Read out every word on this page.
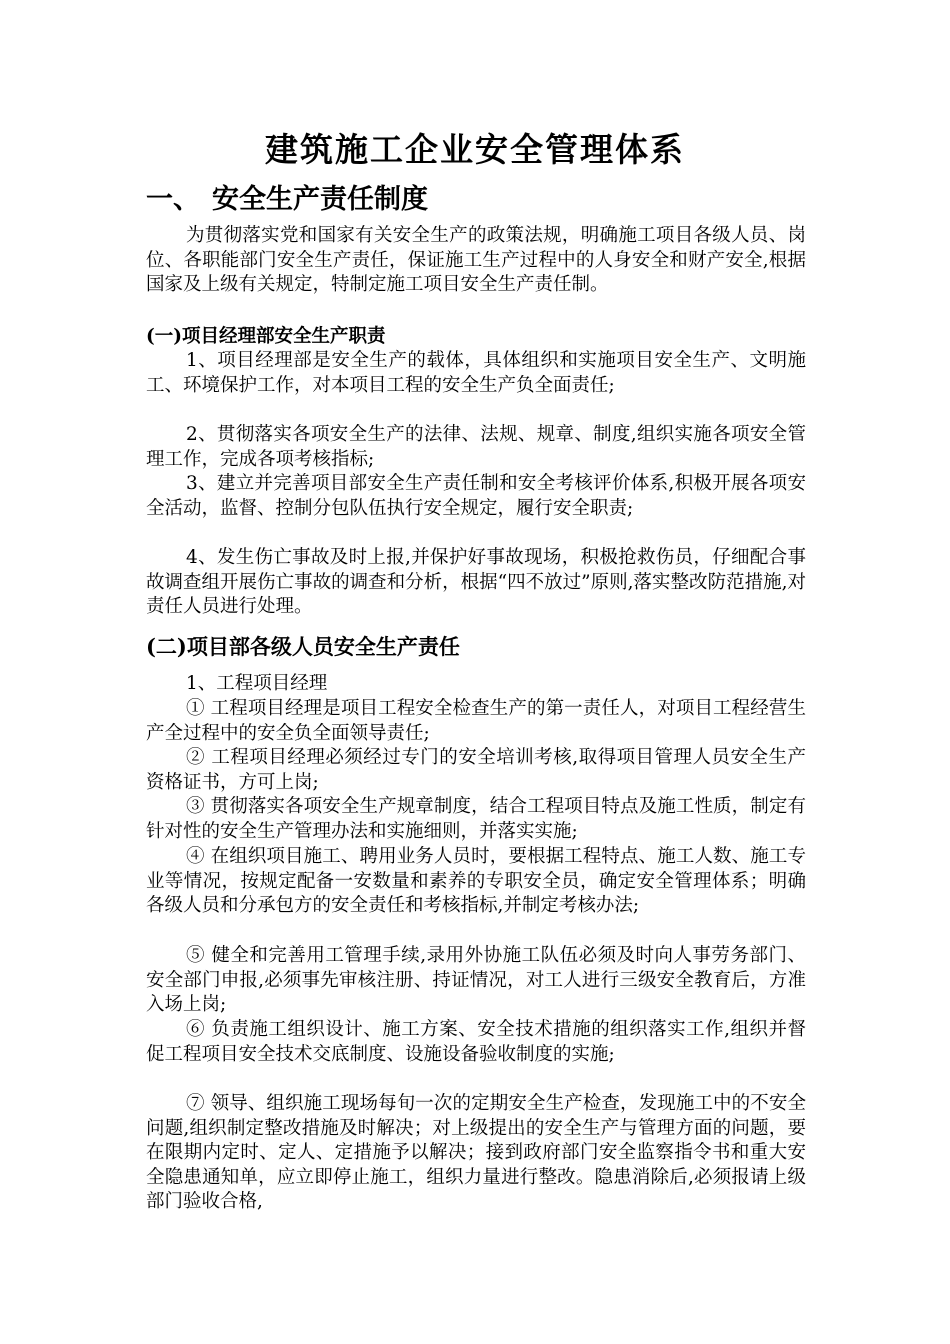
建筑施工企业安全管理体系
一、 安全生产责任制度

为贯彻落实党和国家有关安全生产的政策法规，明确施工项目各级人员、岗位、各职能部门安全生产责任，保证施工生产过程中的人身安全和财产安全,根据国家及上级有关规定，特制定施工项目安全生产责任制。

(一)项目经理部安全生产职责

1、项目经理部是安全生产的载体，具体组织和实施项目安全生产、文明施工、环境保护工作，对本项目工程的安全生产负全面责任;

2、贯彻落实各项安全生产的法律、法规、规章、制度,组织实施各项安全管理工作，完成各项考核指标;

3、建立并完善项目部安全生产责任制和安全考核评价体系,积极开展各项安全活动，监督、控制分包队伍执行安全规定，履行安全职责;

4、发生伤亡事故及时上报,并保护好事故现场，积极抢救伤员，仔细配合事故调查组开展伤亡事故的调查和分析，根据“四不放过”原则,落实整改防范措施,对责任人员进行处理。

(二)项目部各级人员安全生产责任

1、工程项目经理

① 工程项目经理是项目工程安全检查生产的第一责任人，对项目工程经营生产全过程中的安全负全面领导责任;

② 工程项目经理必须经过专门的安全培训考核,取得项目管理人员安全生产资格证书，方可上岗;

③ 贯彻落实各项安全生产规章制度，结合工程项目特点及施工性质，制定有针对性的安全生产管理办法和实施细则，并落实实施;

④ 在组织项目施工、聘用业务人员时，要根据工程特点、施工人数、施工专业等情况，按规定配备一安数量和素养的专职安全员，确定安全管理体系；明确各级人员和分承包方的安全责任和考核指标,并制定考核办法;

⑤ 健全和完善用工管理手续,录用外协施工队伍必须及时向人事劳务部门、安全部门申报,必须事先审核注册、持证情况，对工人进行三级安全教育后，方准入场上岗;

⑥ 负责施工组织设计、施工方案、安全技术措施的组织落实工作,组织并督促工程项目安全技术交底制度、设施设备验收制度的实施;

⑦ 领导、组织施工现场每旬一次的定期安全生产检查，发现施工中的不安全问题,组织制定整改措施及时解决；对上级提出的安全生产与管理方面的问题，要在限期内定时、定人、定措施予以解决；接到政府部门安全监察指令书和重大安全隐患通知单，应立即停止施工，组织力量进行整改。隐患消除后,必须报请上级部门验收合格,
